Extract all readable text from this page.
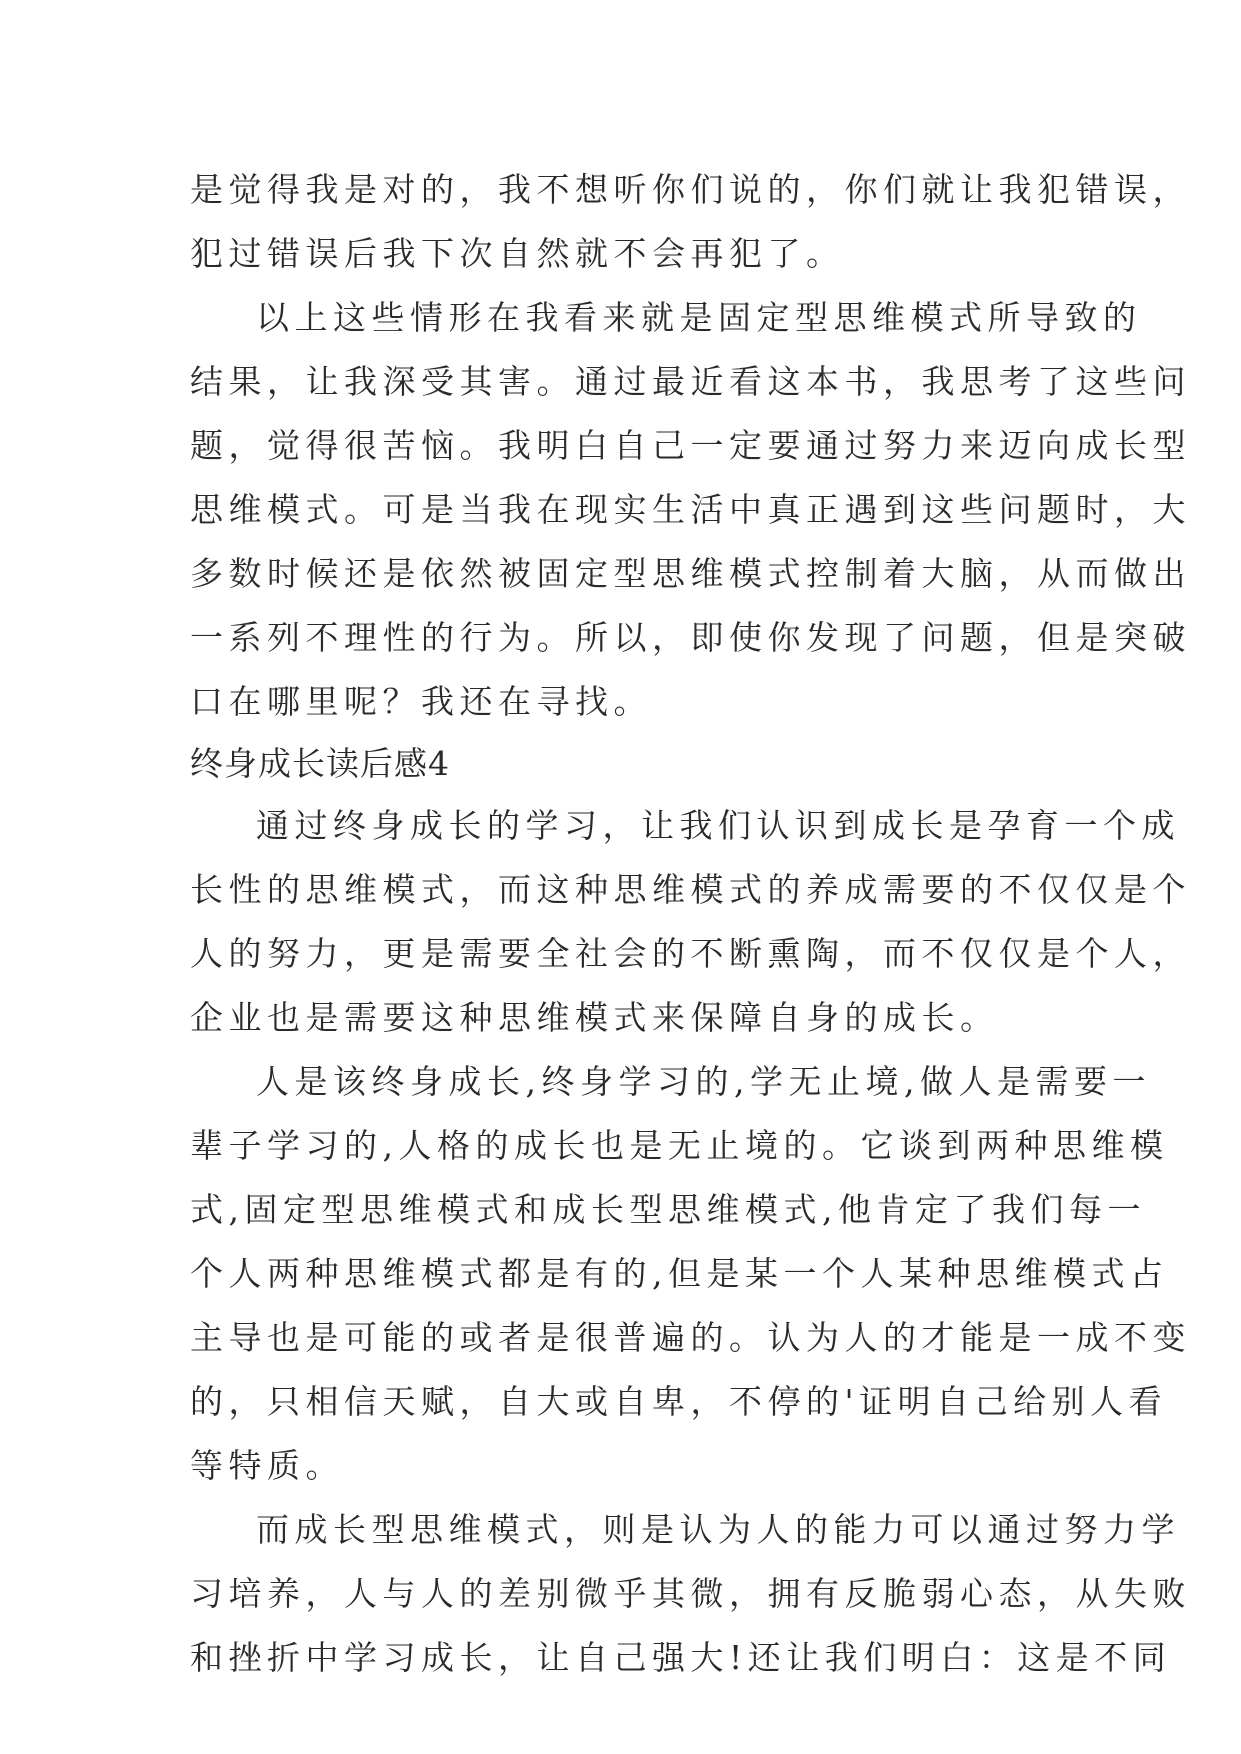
是觉得我是对的，我不想听你们说的，你们就让我犯错误，
犯过错误后我下次自然就不会再犯了。
以上这些情形在我看来就是固定型思维模式所导致的
结果，让我深受其害。通过最近看这本书，我思考了这些问
题，觉得很苦恼。我明白自己一定要通过努力来迈向成长型
思维模式。可是当我在现实生活中真正遇到这些问题时，大
多数时候还是依然被固定型思维模式控制着大脑，从而做出
一系列不理性的行为。所以，即使你发现了问题，但是突破
口在哪里呢？我还在寻找。
终身成长读后感4
通过终身成长的学习，让我们认识到成长是孕育一个成
长性的思维模式，而这种思维模式的养成需要的不仅仅是个
人的努力，更是需要全社会的不断熏陶，而不仅仅是个人，
企业也是需要这种思维模式来保障自身的成长。
人是该终身成长,终身学习的,学无止境,做人是需要一
辈子学习的,人格的成长也是无止境的。它谈到两种思维模
式,固定型思维模式和成长型思维模式,他肯定了我们每一
个人两种思维模式都是有的,但是某一个人某种思维模式占
主导也是可能的或者是很普遍的。认为人的才能是一成不变
的，只相信天赋，自大或自卑，不停的'证明自己给别人看
等特质。
而成长型思维模式，则是认为人的能力可以通过努力学
习培养，人与人的差别微乎其微，拥有反脆弱心态，从失败
和挫折中学习成长，让自己强大!还让我们明白：这是不同
